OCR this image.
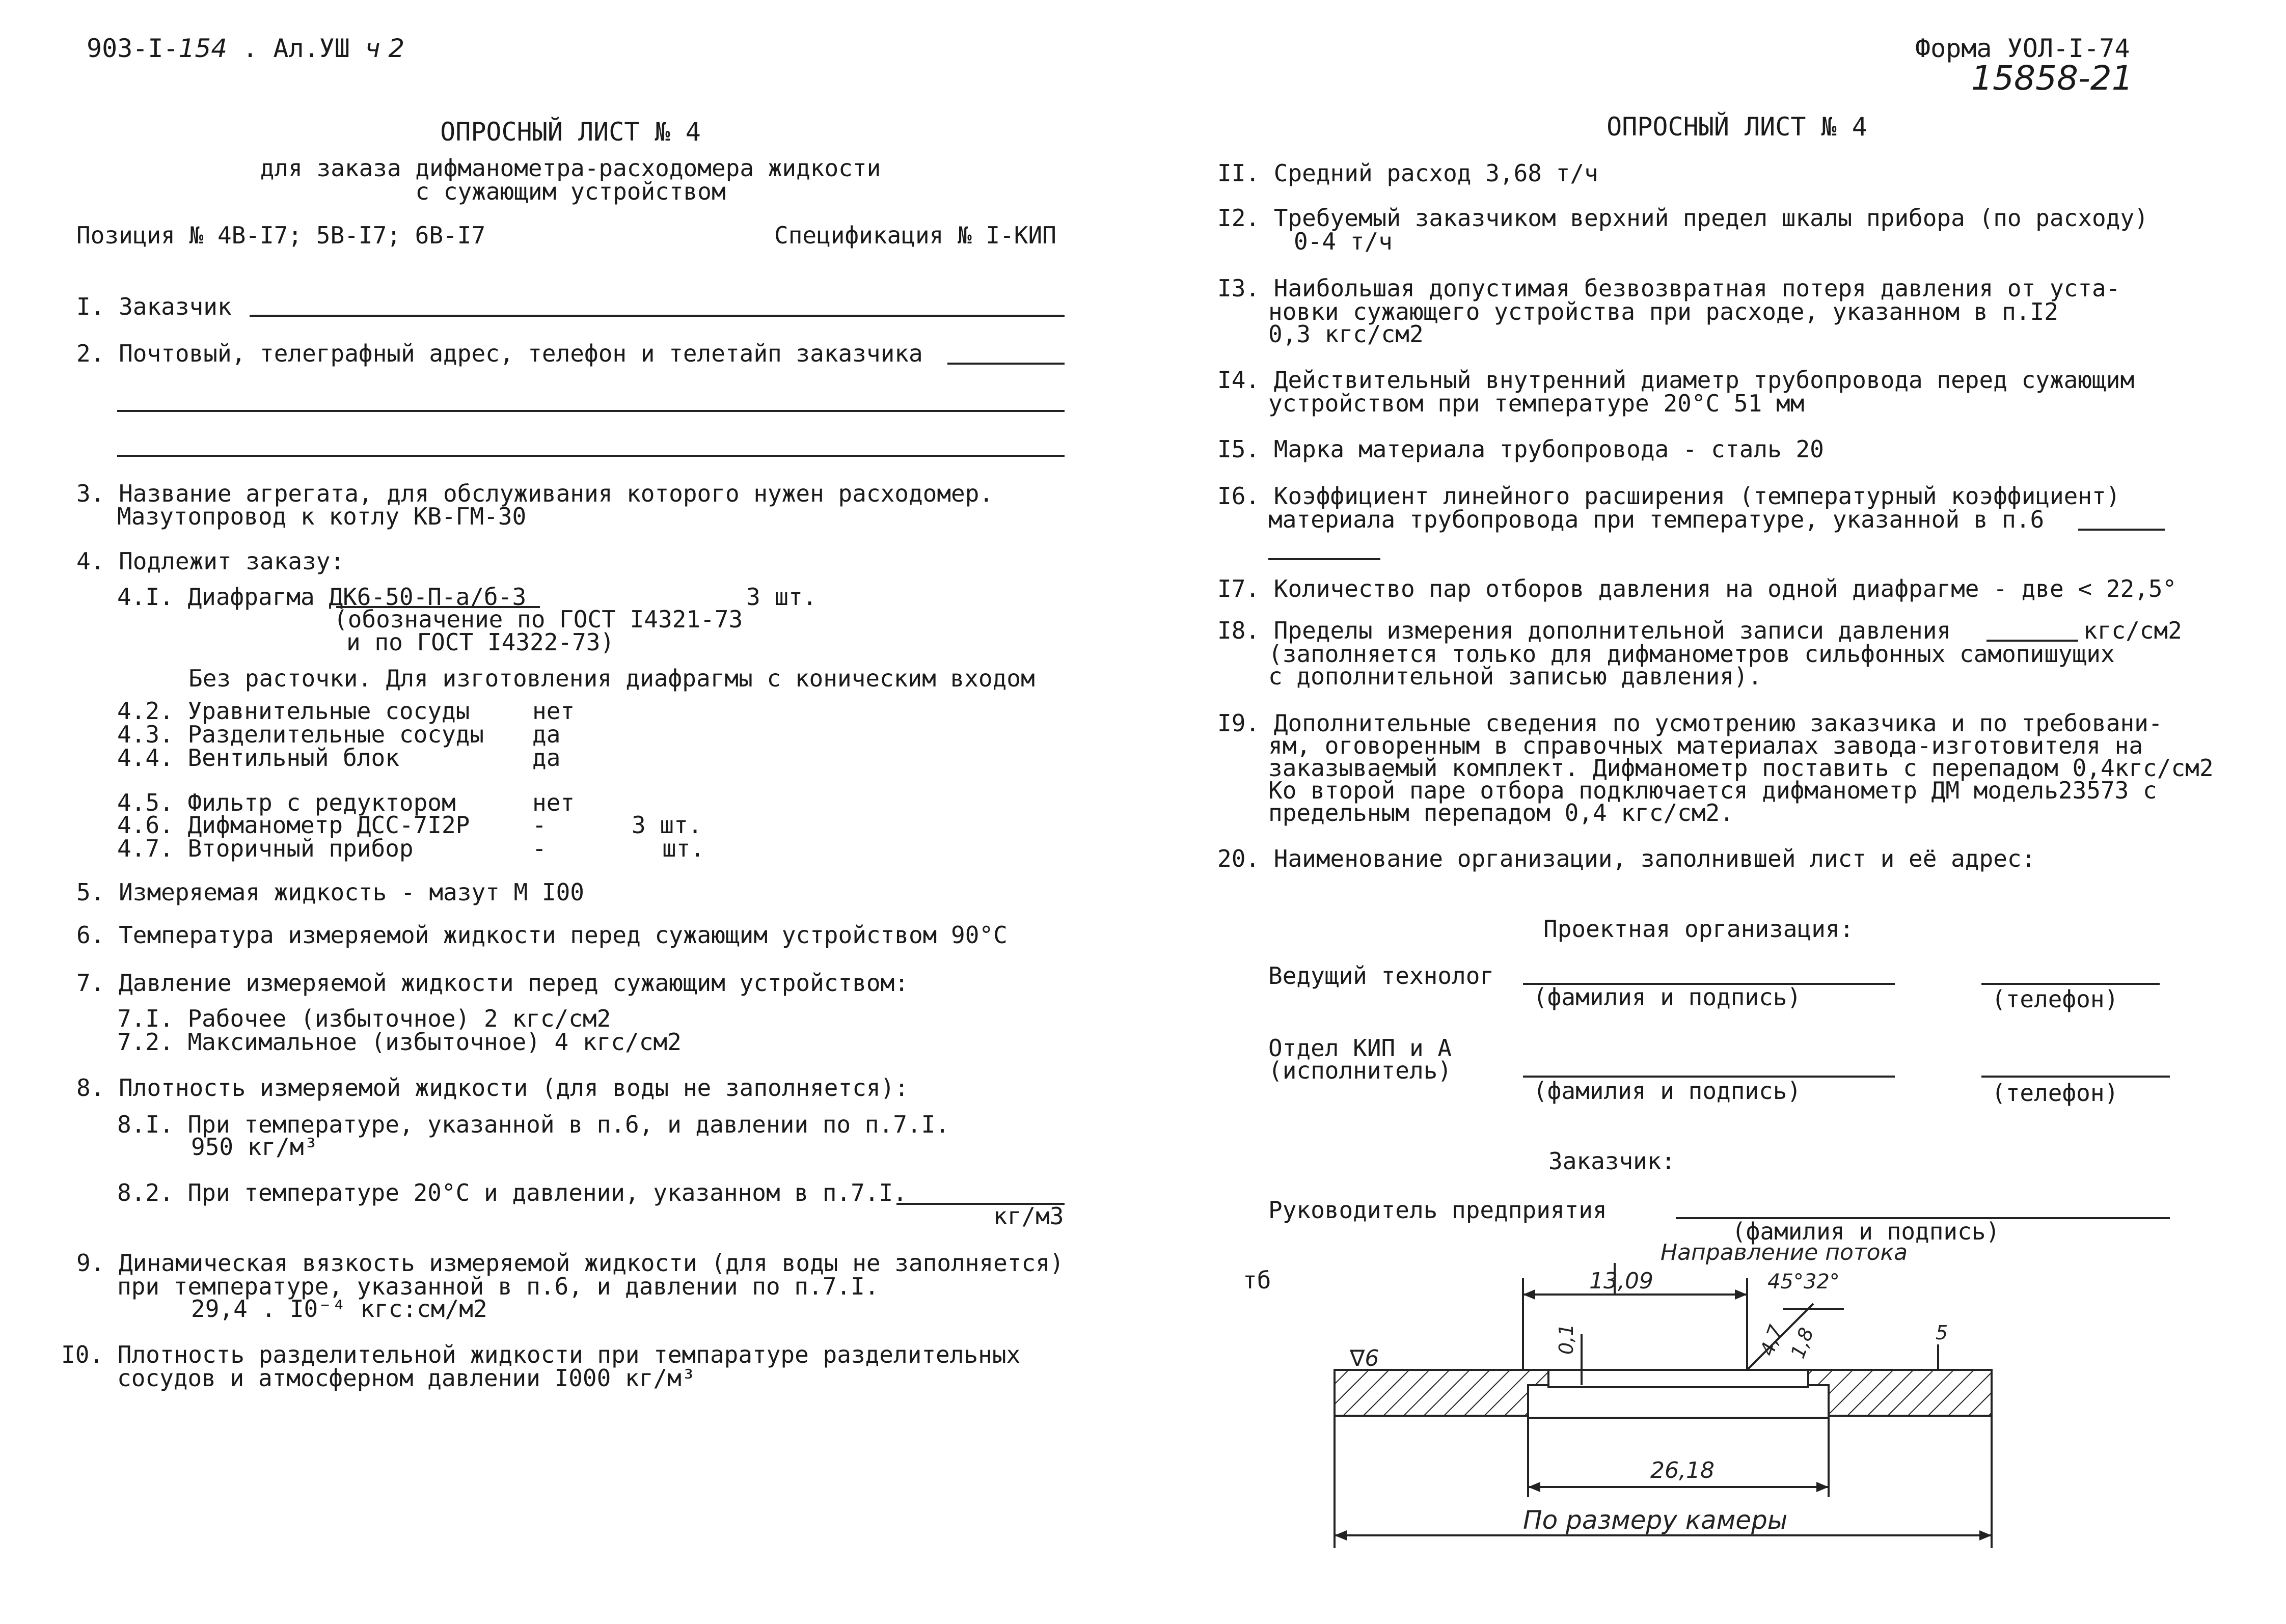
903-I-154 . Ал.УШ ч 2	Форма УОЛ-I-74
15858-21
ОПРОСНЫЙ ЛИСТ № 4
для заказа дифманометра-расходомера жидкости
с сужающим устройством
Позиция № 4В-I7; 5В-I7; 6В-I7	Спецификация № I-КИП
I. Заказчик
2. Почтовый, телеграфный адрес, телефон и телетайп заказчика
3. Название агрегата, для обслуживания которого нужен расходомер.
Мазутопровод к котлу КВ-ГМ-30
4. Подлежит заказу:
4.I. Диафрагма ДК6-50-П-а/б-3	3 шт.
(обозначение по ГОСТ I4321-73
и по ГОСТ I4322-73)
Без расточки. Для изготовления диафрагмы с коническим входом
4.2. Уравнительные сосуды	нет
4.3. Разделительные сосуды да
4.4. Вентильный блок	да
4.5. Фильтр с редуктором	нет
4.6. Дифманометр ДСС-7I2Р	-	3 шт.
4.7. Вторичный прибор	-	шт.
5. Измеряемая жидкость - мазут М I00
6. Температура измеряемой жидкости перед сужающим устройством 90°С
7. Давление измеряемой жидкости перед сужающим устройством:
7.I. Рабочее (избыточное) 2 кгс/см2
7.2. Максимальное (избыточное) 4 кгс/см2
8. Плотность измеряемой жидкости (для воды не заполняется):
8.I. При температуре, указанной в п.6, и давлении по п.7.I.
950 кг/м³
8.2. При температуре 20°С и давлении, указанном в п.7.I.
кг/м3
9. Динамическая вязкость измеряемой жидкости (для воды не заполняется)
при температуре, указанной в п.6, и давлении по п.7.I.
29,4 . I0⁻⁴ кгс:см/м2
I0. Плотность разделительной жидкости при темпаратуре разделительных
сосудов и атмосферном давлении I000 кг/м³
ОПРОСНЫЙ ЛИСТ № 4
II. Средний расход 3,68 т/ч
I2. Требуемый заказчиком верхний предел шкалы прибора (по расходу)
0-4 т/ч
I3. Наибольшая допустимая безвозвратная потеря давления от уста-
новки сужающего устройства при расходе, указанном в п.I2
0,3 кгс/см2
I4. Действительный внутренний диаметр трубопровода перед сужающим
устройством при температуре 20°С 51 мм
I5. Марка материала трубопровода - сталь 20
I6. Коэффициент линейного расширения (температурный коэффициент)
материала трубопровода при температуре, указанной в п.6
I7. Количество пар отборов давления на одной диафрагме - две < 22,5°
I8. Пределы измерения дополнительной записи давления	кгс/см2
(заполняется только для дифманометров сильфонных самопишущих
с дополнительной записью давления).
I9. Дополнительные сведения по усмотрению заказчика и по требовани-
ям, оговоренным в справочных материалах завода-изготовителя на
заказываемый комплект. Дифманометр поставить с перепадом 0,4кгс/см2
Ко второй паре отбора подключается дифманометр ДМ модель23573 с
предельным перепадом 0,4 кгс/см2.
20. Наименование организации, заполнившей лист и её адрес:
Проектная организация:
Ведущий технолог
(фамилия и подпись)	(телефон)
Отдел КИП и А
(исполнитель)
(фамилия и подпись)	(телефон)
Заказчик:
Руководитель предприятия
(фамилия и подпись)
тб
Направление потока
13,09	45°32°
0,1	4,7
1,8	5
∇6
26,18
По размеру камеры
